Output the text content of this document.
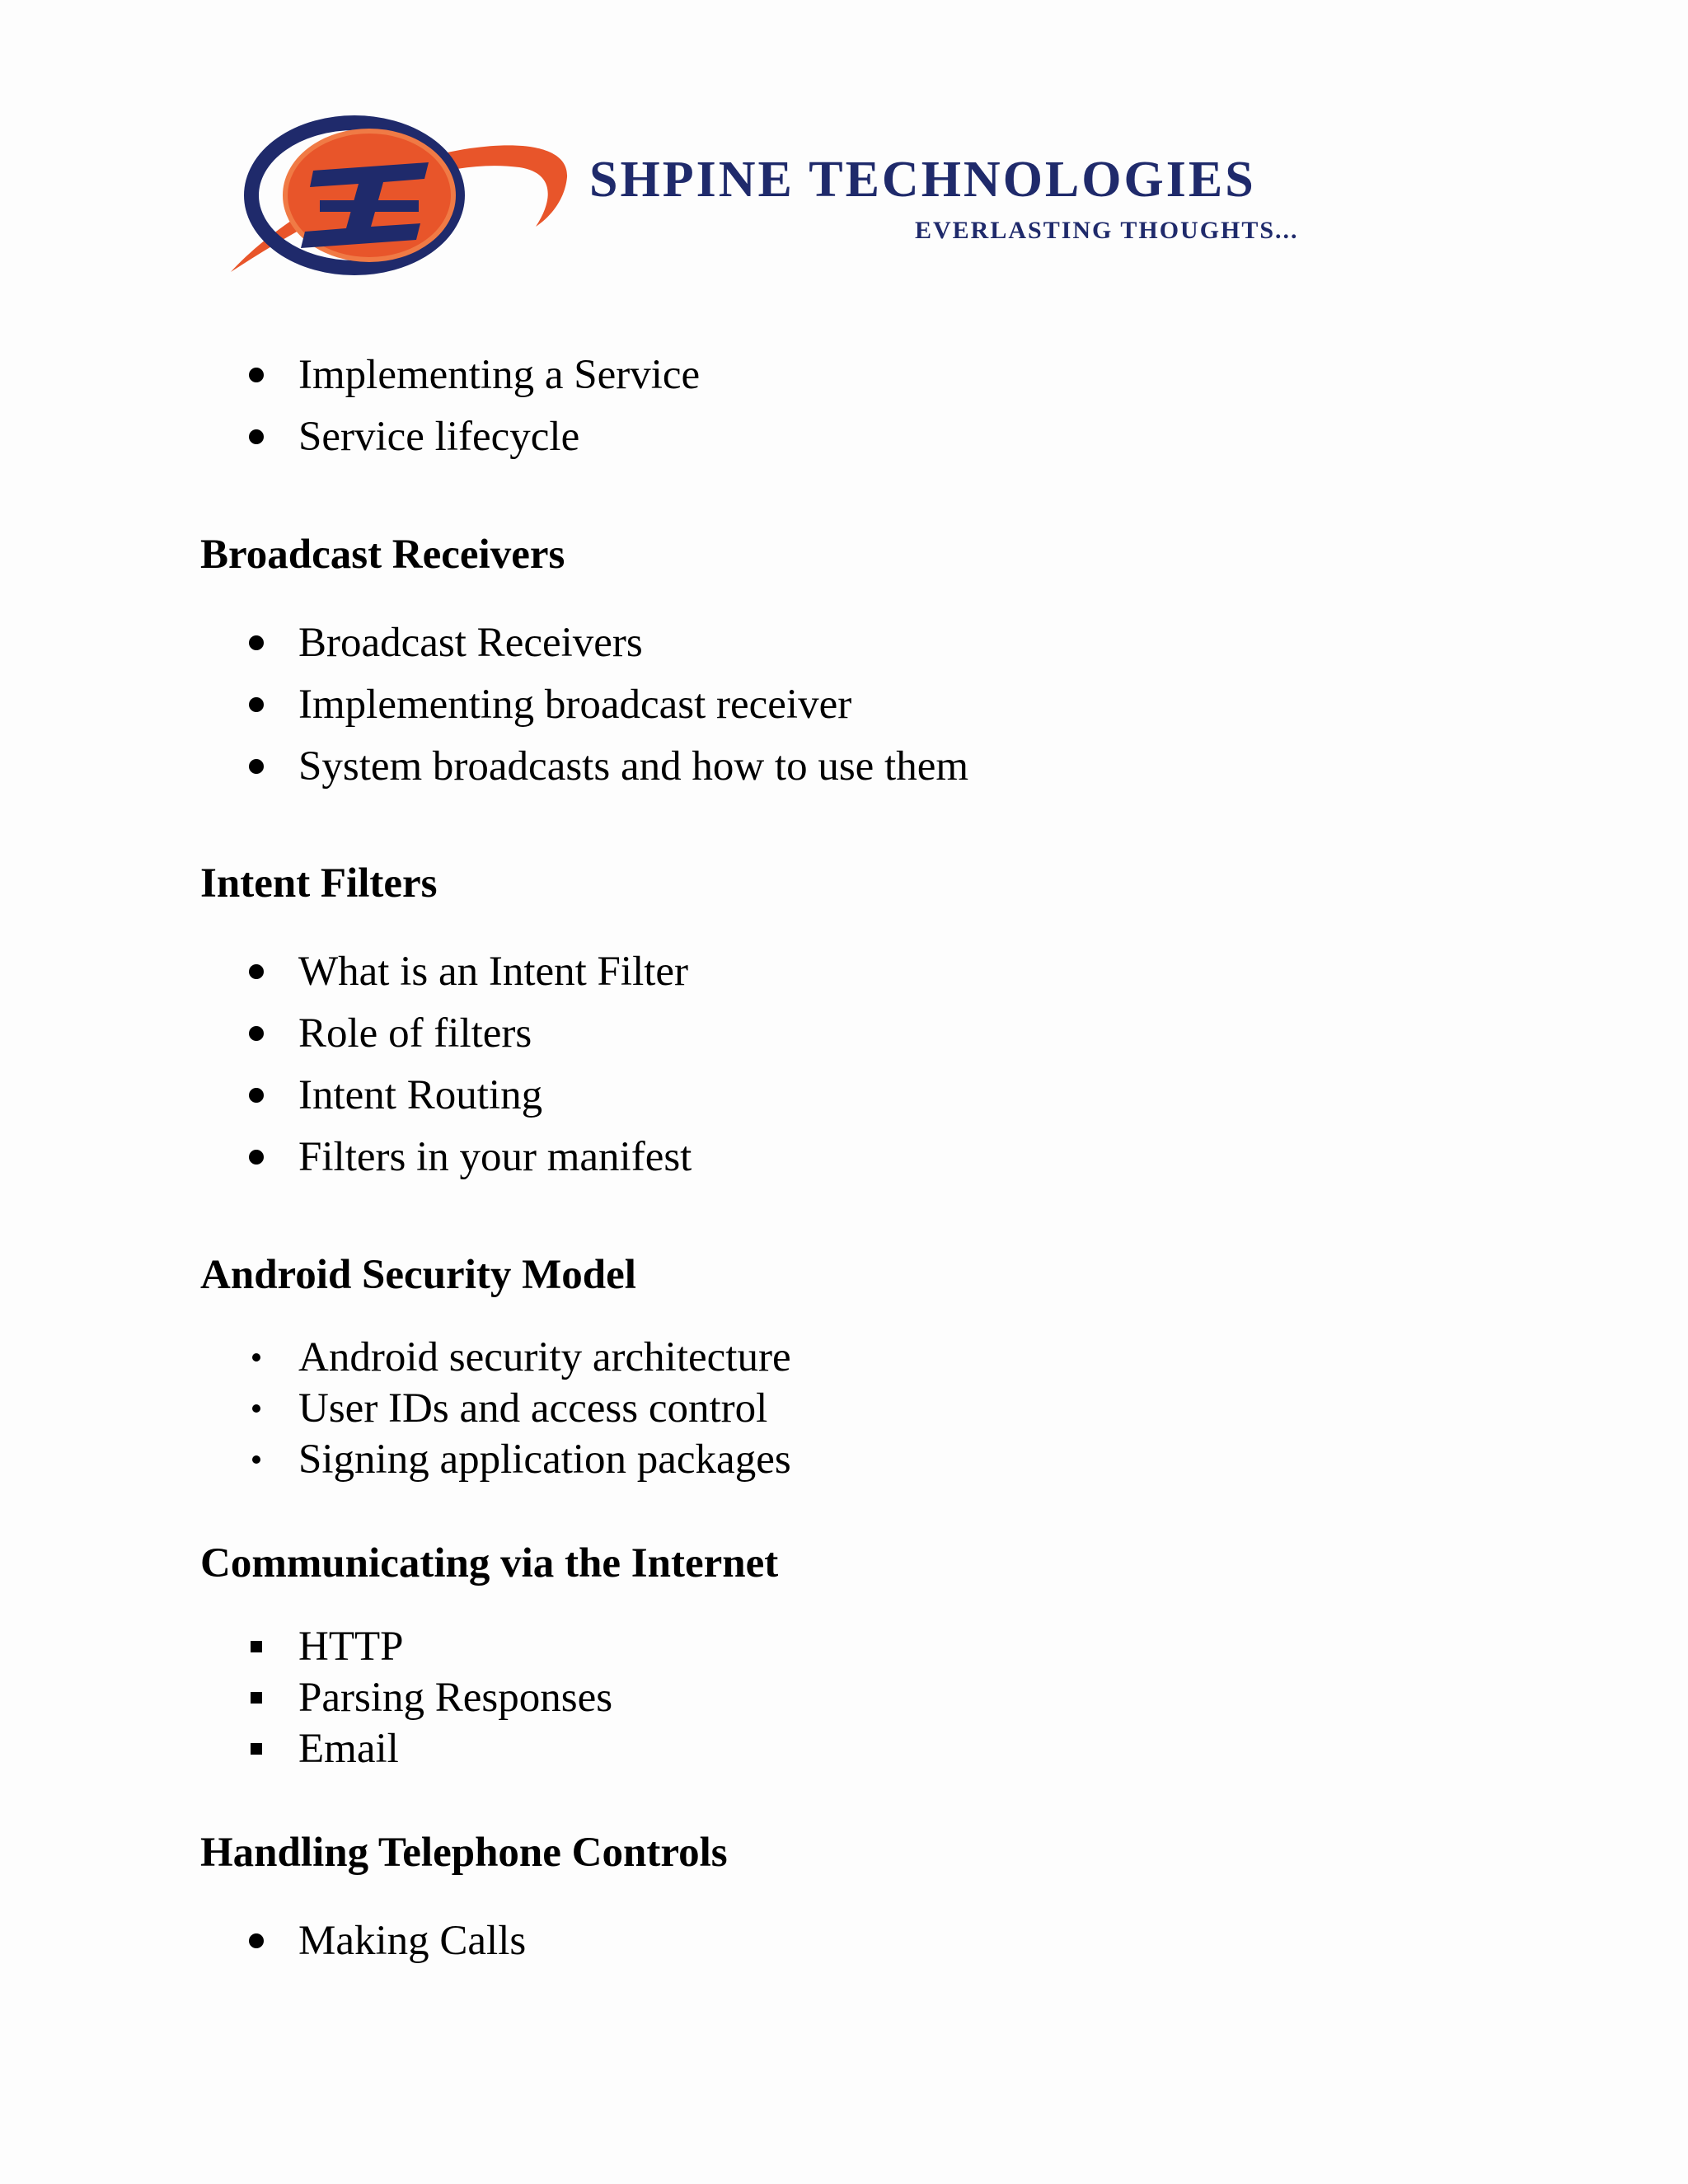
SHPINE TECHNOLOGIES
EVERLASTING THOUGHTS...
Implementing a Service
Service lifecycle
Broadcast Receivers
Broadcast Receivers
Implementing broadcast receiver
System broadcasts and how to use them
Intent Filters
What is an Intent Filter
Role of filters
Intent Routing
Filters in your manifest
Android Security Model
Android security architecture
User IDs and access control
Signing application packages
Communicating via the Internet
HTTP
Parsing Responses
Email
Handling Telephone Controls
Making Calls
